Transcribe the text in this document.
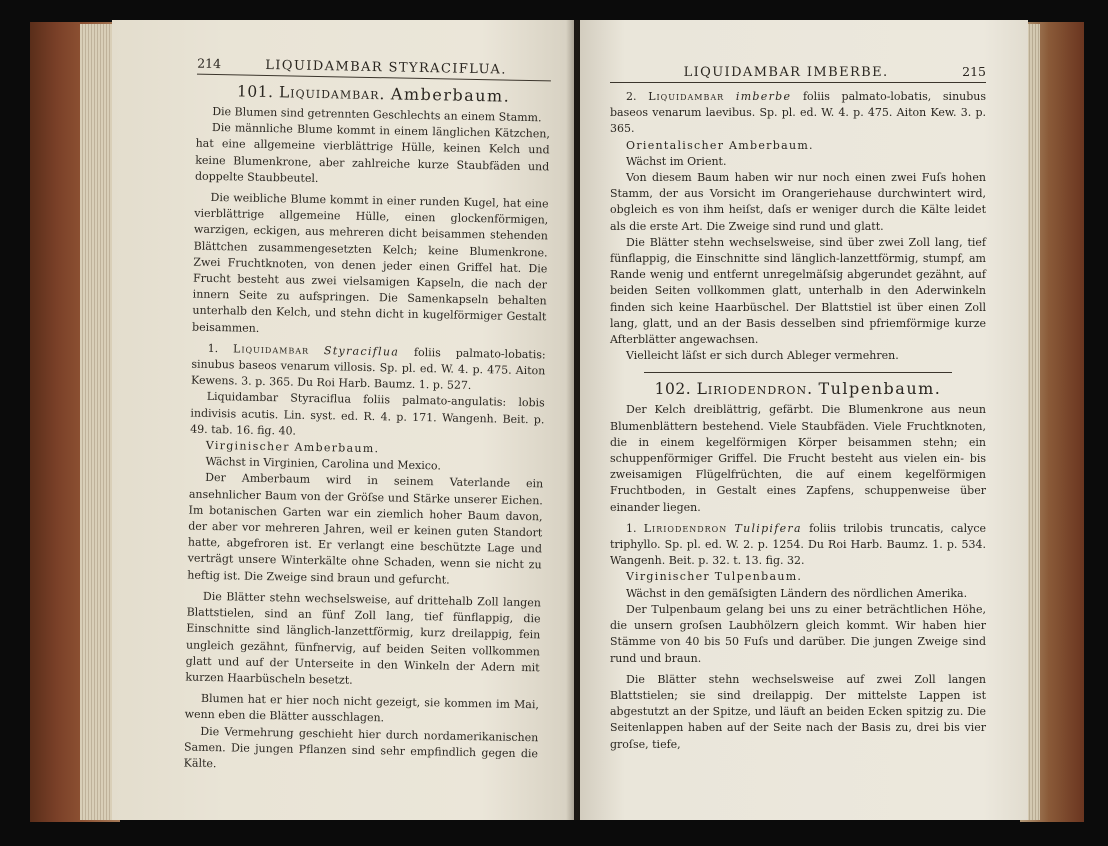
214	LIQUIDAMBAR STYRACIFLUA.
101. Liquidambar. Amberbaum.

Die Blumen sind getrennten Geschlechts an einem Stamm.

Die männliche Blume kommt in einem länglichen Kätzchen, hat eine allgemeine vierblättrige Hülle, keinen Kelch und keine Blumenkrone, aber zahlreiche kurze Staubfäden und doppelte Staubbeutel.

Die weibliche Blume kommt in einer runden Kugel, hat eine vierblättrige allgemeine Hülle, einen glockenförmigen, warzigen, eckigen, aus mehreren dicht beisammen stehenden Blättchen zusammengesetzten Kelch; keine Blumenkrone. Zwei Fruchtknoten, von denen jeder einen Griffel hat. Die Frucht besteht aus zwei vielsamigen Kapseln, die nach der innern Seite zu aufspringen. Die Samenkapseln behalten unterhalb den Kelch, und stehn dicht in kugelförmiger Gestalt beisammen.

1. Liquidambar Styraciflua foliis palmato-lobatis: sinubus baseos venarum villosis. Sp. pl. ed. W. 4. p. 475. Aiton Kewens. 3. p. 365. Du Roi Harb. Baumz. 1. p. 527.

Liquidambar Styraciflua foliis palmato-angulatis: lobis indivisis acutis. Lin. syst. ed. R. 4. p. 171. Wangenh. Beit. p. 49. tab. 16. fig. 40.

Virginischer Amberbaum.

Wächst in Virginien, Carolina und Mexico.

Der Amberbaum wird in seinem Vaterlande ein ansehnlicher Baum von der Gröſse und Stärke unserer Eichen. Im botanischen Garten war ein ziemlich hoher Baum davon, der aber vor mehreren Jahren, weil er keinen guten Standort hatte, abgefroren ist. Er verlangt eine beschützte Lage und verträgt unsere Winterkälte ohne Schaden, wenn sie nicht zu heftig ist. Die Zweige sind braun und gefurcht.

Die Blätter stehn wechselsweise, auf drittehalb Zoll langen Blattstielen, sind an fünf Zoll lang, tief fünflappig, die Einschnitte sind länglich-lanzettförmig, kurz dreilappig, fein ungleich gezähnt, fünfnervig, auf beiden Seiten vollkommen glatt und auf der Unterseite in den Winkeln der Adern mit kurzen Haarbüscheln besetzt.

Blumen hat er hier noch nicht gezeigt, sie kommen im Mai, wenn eben die Blätter ausschlagen.

Die Vermehrung geschieht hier durch nordamerikanischen Samen. Die jungen Pflanzen sind sehr empfindlich gegen die Kälte.

LIQUIDAMBAR IMBERBE.	215

2. Liquidambar imberbe foliis palmato-lobatis, sinubus baseos venarum laevibus. Sp. pl. ed. W. 4. p. 475. Aiton Kew. 3. p. 365.

Orientalischer Amberbaum.

Wächst im Orient.

Von diesem Baum haben wir nur noch einen zwei Fuſs hohen Stamm, der aus Vorsicht im Orangeriehause durchwintert wird, obgleich es von ihm heiſst, daſs er weniger durch die Kälte leidet als die erste Art. Die Zweige sind rund und glatt.

Die Blätter stehn wechselsweise, sind über zwei Zoll lang, tief fünflappig, die Einschnitte sind länglich-lanzettförmig, stumpf, am Rande wenig und entfernt unregelmäſsig abgerundet gezähnt, auf beiden Seiten vollkommen glatt, unterhalb in den Aderwinkeln finden sich keine Haarbüschel. Der Blattstiel ist über einen Zoll lang, glatt, und an der Basis desselben sind pfriemförmige kurze Afterblätter angewachsen.

Vielleicht läſst er sich durch Ableger vermehren.

102. Liriodendron. Tulpenbaum.

Der Kelch dreiblättrig, gefärbt. Die Blumenkrone aus neun Blumenblättern bestehend. Viele Staubfäden. Viele Fruchtknoten, die in einem kegelförmigen Körper beisammen stehn; ein schuppenförmiger Griffel. Die Frucht besteht aus vielen ein- bis zweisamigen Flügelfrüchten, die auf einem kegelförmigen Fruchtboden, in Gestalt eines Zapfens, schuppenweise über einander liegen.

1. Liriodendron Tulipifera foliis trilobis truncatis, calyce triphyllo. Sp. pl. ed. W. 2. p. 1254. Du Roi Harb. Baumz. 1. p. 534. Wangenh. Beit. p. 32. t. 13. fig. 32.

Virginischer Tulpenbaum.

Wächst in den gemäſsigten Ländern des nördlichen Amerika.

Der Tulpenbaum gelang bei uns zu einer beträchtlichen Höhe, die unsern groſsen Laubhölzern gleich kommt. Wir haben hier Stämme von 40 bis 50 Fuſs und darüber. Die jungen Zweige sind rund und braun.

Die Blätter stehn wechselsweise auf zwei Zoll langen Blattstielen; sie sind dreilappig. Der mittelste Lappen ist abgestutzt an der Spitze, und läuft an beiden Ecken spitzig zu. Die Seitenlappen haben auf der Seite nach der Basis zu, drei bis vier groſse, tiefe,
